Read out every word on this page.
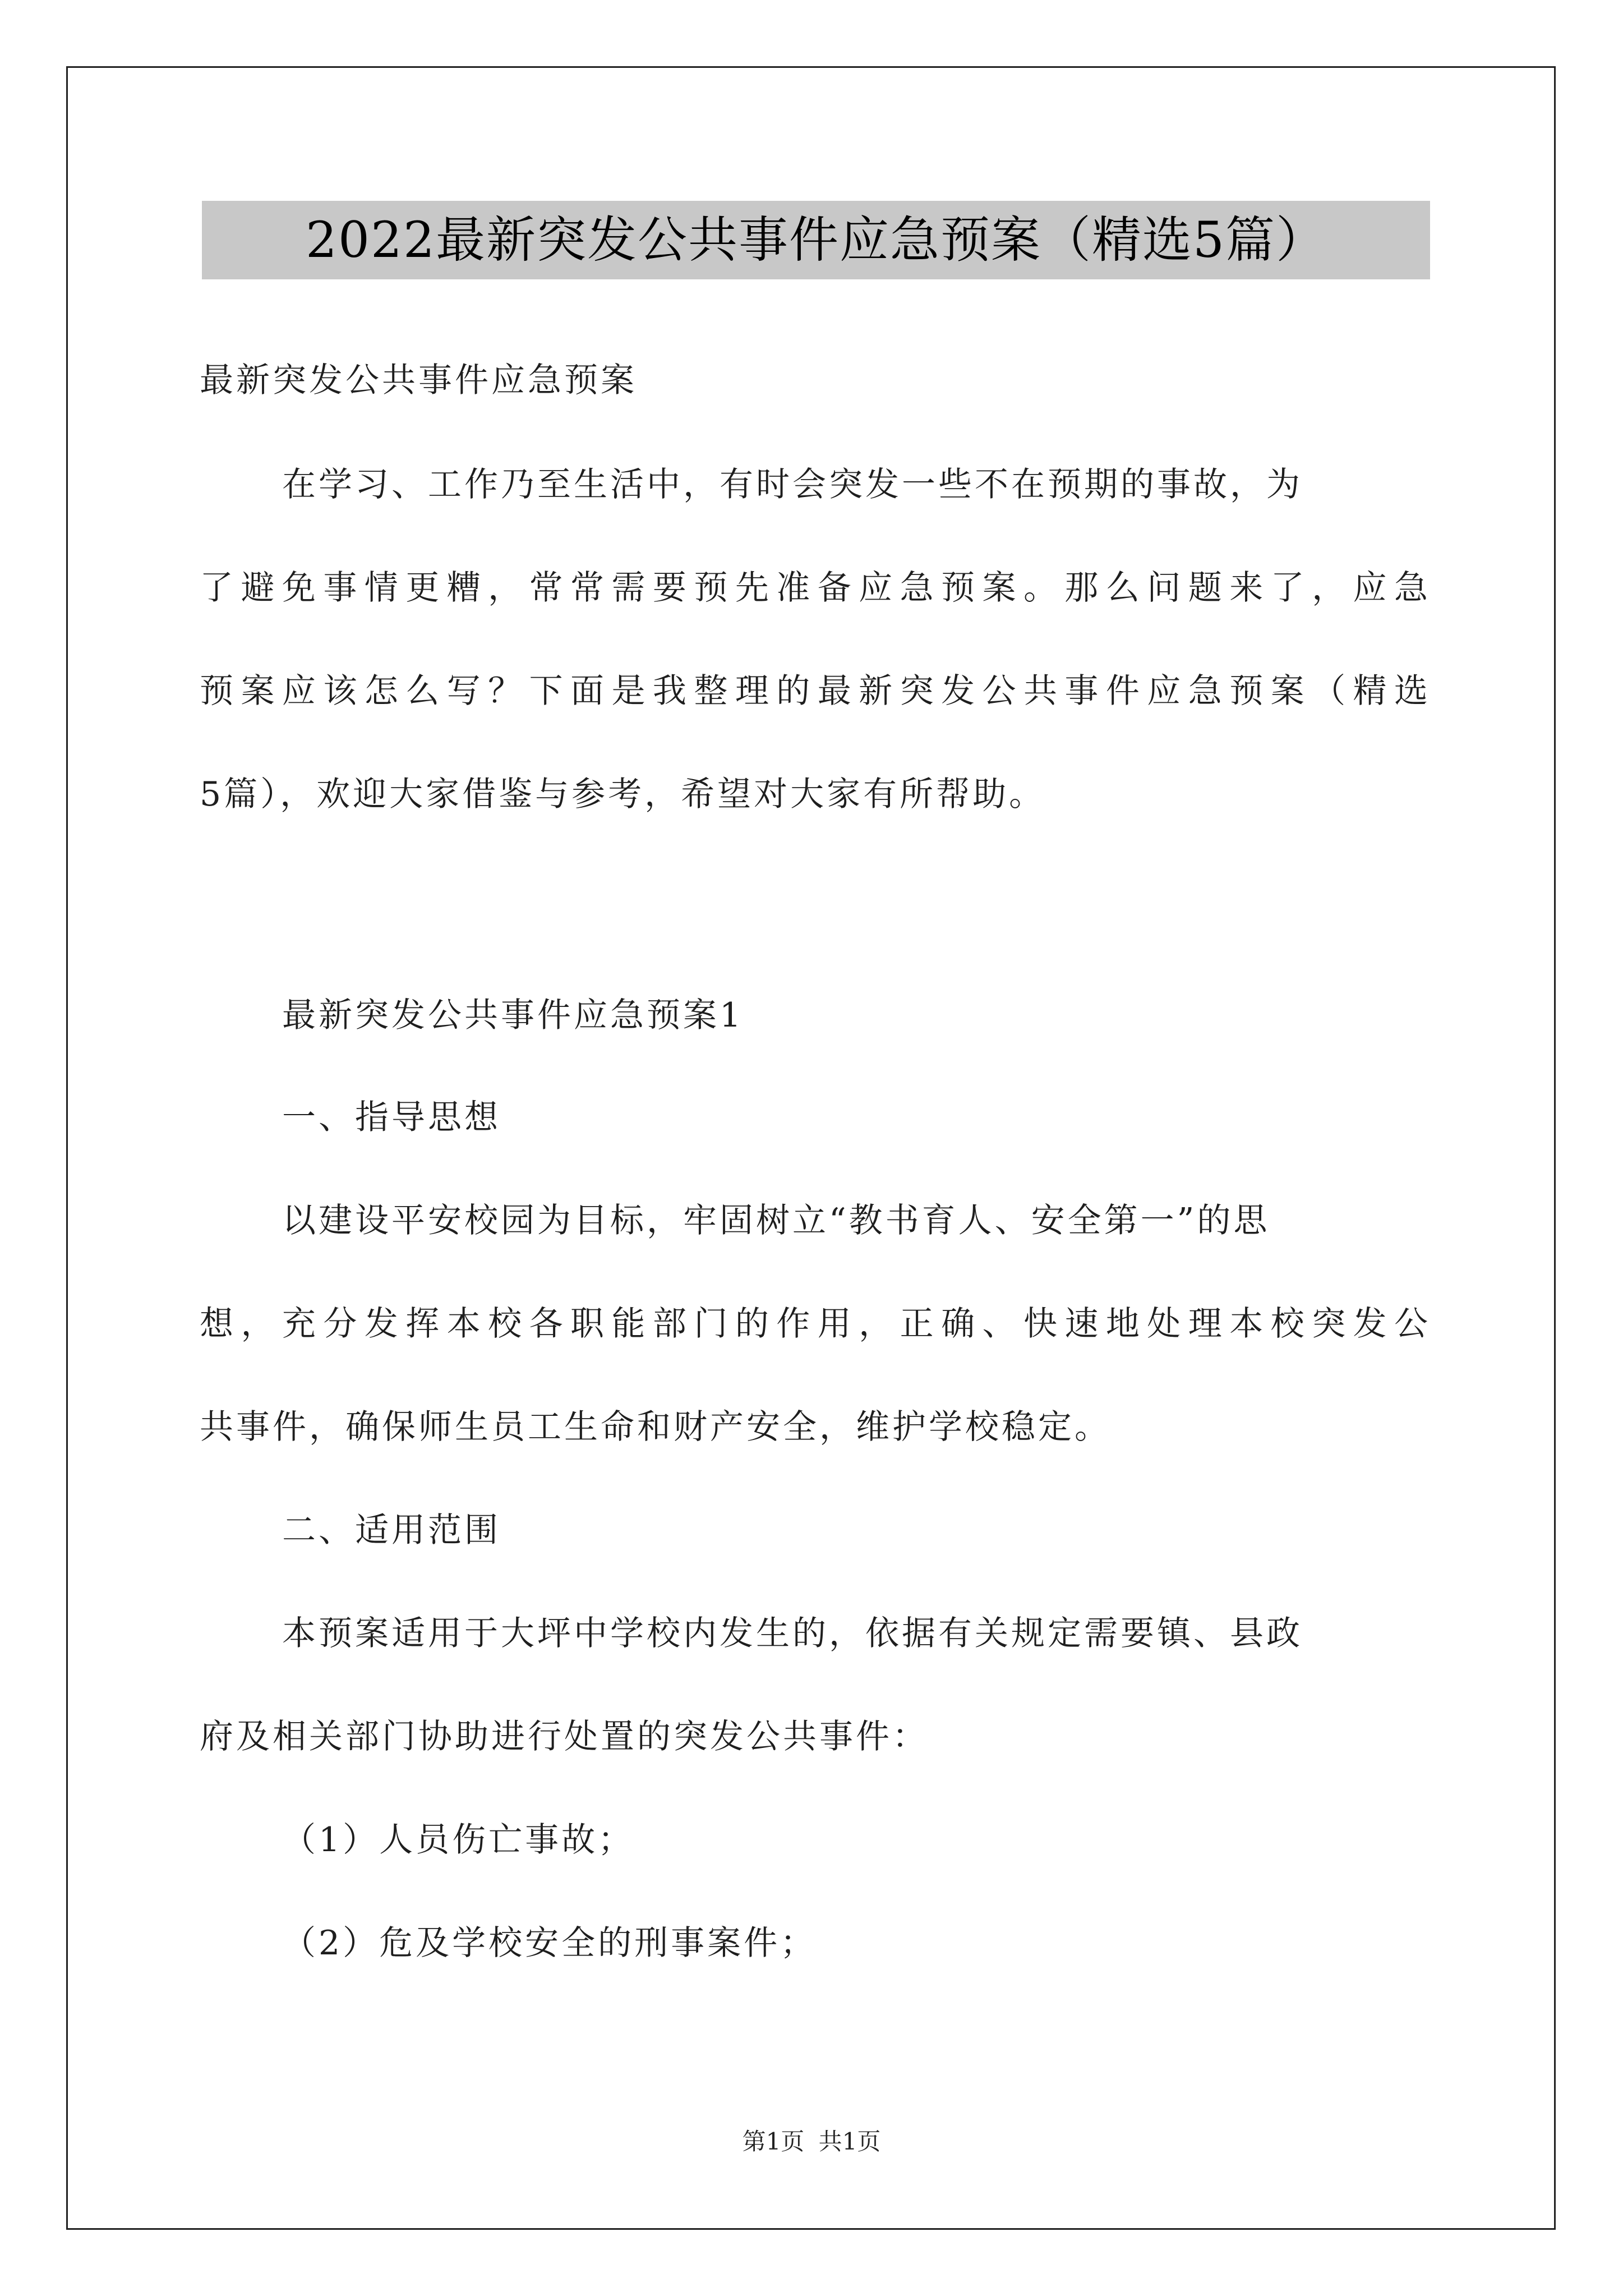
2022最新突发公共事件应急预案（精选5篇）
最新突发公共事件应急预案
在学习、工作乃至生活中，有时会突发一些不在预期的事故，为
了避免事情更糟，常常需要预先准备应急预案。那么问题来了，应急
预案应该怎么写？下面是我整理的最新突发公共事件应急预案（精选
5篇），欢迎大家借鉴与参考，希望对大家有所帮助。
最新突发公共事件应急预案1
一、指导思想
以建设平安校园为目标，牢固树立“教书育人、安全第一”的思
想，充分发挥本校各职能部门的作用，正确、快速地处理本校突发公
共事件，确保师生员工生命和财产安全，维护学校稳定。
二、适用范围
本预案适用于大坪中学校内发生的，依据有关规定需要镇、县政
府及相关部门协助进行处置的突发公共事件：
（1）人员伤亡事故；
（2）危及学校安全的刑事案件；
第1页 共1页
